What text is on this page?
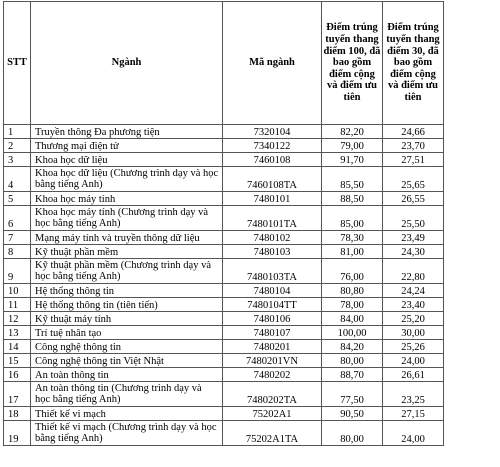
STT	Ngành	Mã ngành	Điểm trúng tuyển thang điểm 100, đã bao gồm điểm cộng và điểm ưu tiên	Điểm trúng tuyển thang điểm 30, đã bao gồm điểm cộng và điểm ưu tiên
1	Truyền thông Đa phương tiện	7320104	82,20	24,66
2	Thương mại điện tử	7340122	79,00	23,70
3	Khoa học dữ liệu	7460108	91,70	27,51
4	Khoa học dữ liệu (Chương trình dạy và học bằng tiếng Anh)	7460108TA	85,50	25,65
5	Khoa học máy tính	7480101	88,50	26,55
6	Khoa học máy tính (Chương trình dạy và học bằng tiếng Anh)	7480101TA	85,00	25,50
7	Mạng máy tính và truyền thông dữ liệu	7480102	78,30	23,49
8	Kỹ thuật phần mềm	7480103	81,00	24,30
9	Kỹ thuật phần mềm (Chương trình dạy và học bằng tiếng Anh)	7480103TA	76,00	22,80
10	Hệ thống thông tin	7480104	80,80	24,24
11	Hệ thống thông tin (tiên tiến)	7480104TT	78,00	23,40
12	Kỹ thuật máy tính	7480106	84,00	25,20
13	Trí tuệ nhân tạo	7480107	100,00	30,00
14	Công nghệ thông tin	7480201	84,20	25,26
15	Công nghệ thông tin Việt Nhật	7480201VN	80,00	24,00
16	An toàn thông tin	7480202	88,70	26,61
17	An toàn thông tin (Chương trình dạy và học bằng tiếng Anh)	7480202TA	77,50	23,25
18	Thiết kế vi mạch	75202A1	90,50	27,15
19	Thiết kế vi mạch (Chương trình dạy và học bằng tiếng Anh)	75202A1TA	80,00	24,00
